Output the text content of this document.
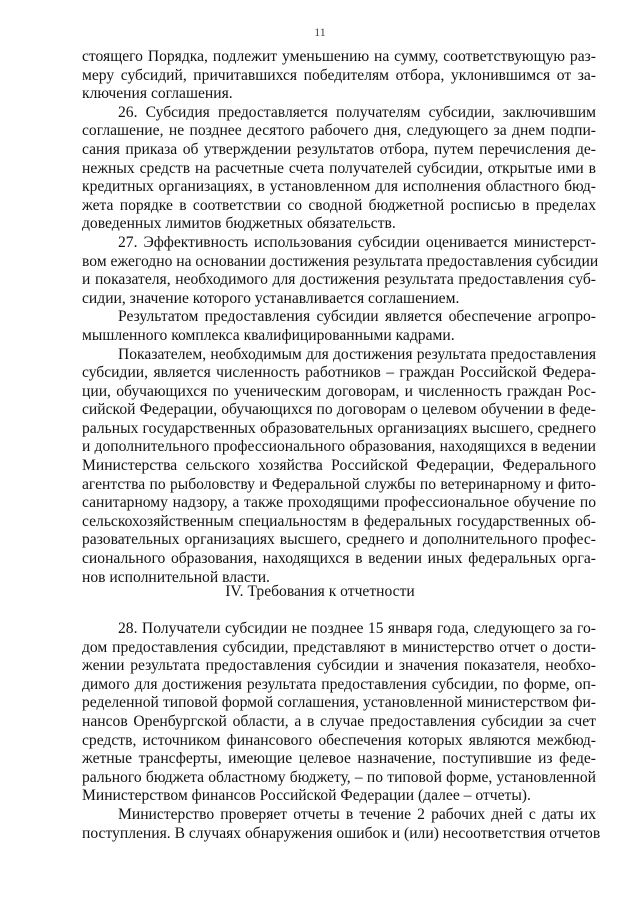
11
стоящего Порядка, подлежит уменьшению на сумму, соответствующую раз-
меру субсидий, причитавшихся победителям отбора, уклонившимся от за-
ключения соглашения.
26. Субсидия предоставляется получателям субсидии, заключившим
соглашение, не позднее десятого рабочего дня, следующего за днем подпи-
сания приказа об утверждении результатов отбора, путем перечисления де-
нежных средств на расчетные счета получателей субсидии, открытые ими в
кредитных организациях, в установленном для исполнения областного бюд-
жета порядке в соответствии со сводной бюджетной росписью в пределах
доведенных лимитов бюджетных обязательств.
27. Эффективность использования субсидии оценивается министерст-
вом ежегодно на основании достижения результата предоставления субсидии
и показателя, необходимого для достижения результата предоставления суб-
сидии, значение которого устанавливается соглашением.
Результатом предоставления субсидии является обеспечение агропро-
мышленного комплекса квалифицированными кадрами.
Показателем, необходимым для достижения результата предоставления
субсидии, является численность работников – граждан Российской Федера-
ции, обучающихся по ученическим договорам, и численность граждан Рос-
сийской Федерации, обучающихся по договорам о целевом обучении в феде-
ральных государственных образовательных организациях высшего, среднего
и дополнительного профессионального образования, находящихся в ведении
Министерства сельского хозяйства Российской Федерации, Федерального
агентства по рыболовству и Федеральной службы по ветеринарному и фито-
санитарному надзору, а также проходящими профессиональное обучение по
сельскохозяйственным специальностям в федеральных государственных об-
разовательных организациях высшего, среднего и дополнительного профес-
сионального образования, находящихся в ведении иных федеральных орга-
нов исполнительной власти.
IV. Требования к отчетности
28. Получатели субсидии не позднее 15 января года, следующего за го-
дом предоставления субсидии, представляют в министерство отчет о дости-
жении результата предоставления субсидии и значения показателя, необхо-
димого для достижения результата предоставления субсидии, по форме, оп-
ределенной типовой формой соглашения, установленной министерством фи-
нансов Оренбургской области, а в случае предоставления субсидии за счет
средств, источником финансового обеспечения которых являются межбюд-
жетные трансферты, имеющие целевое назначение, поступившие из феде-
рального бюджета областному бюджету, – по типовой форме, установленной
Министерством финансов Российской Федерации (далее – отчеты).
Министерство проверяет отчеты в течение 2 рабочих дней с даты их
поступления. В случаях обнаружения ошибок и (или) несоответствия отчетов
